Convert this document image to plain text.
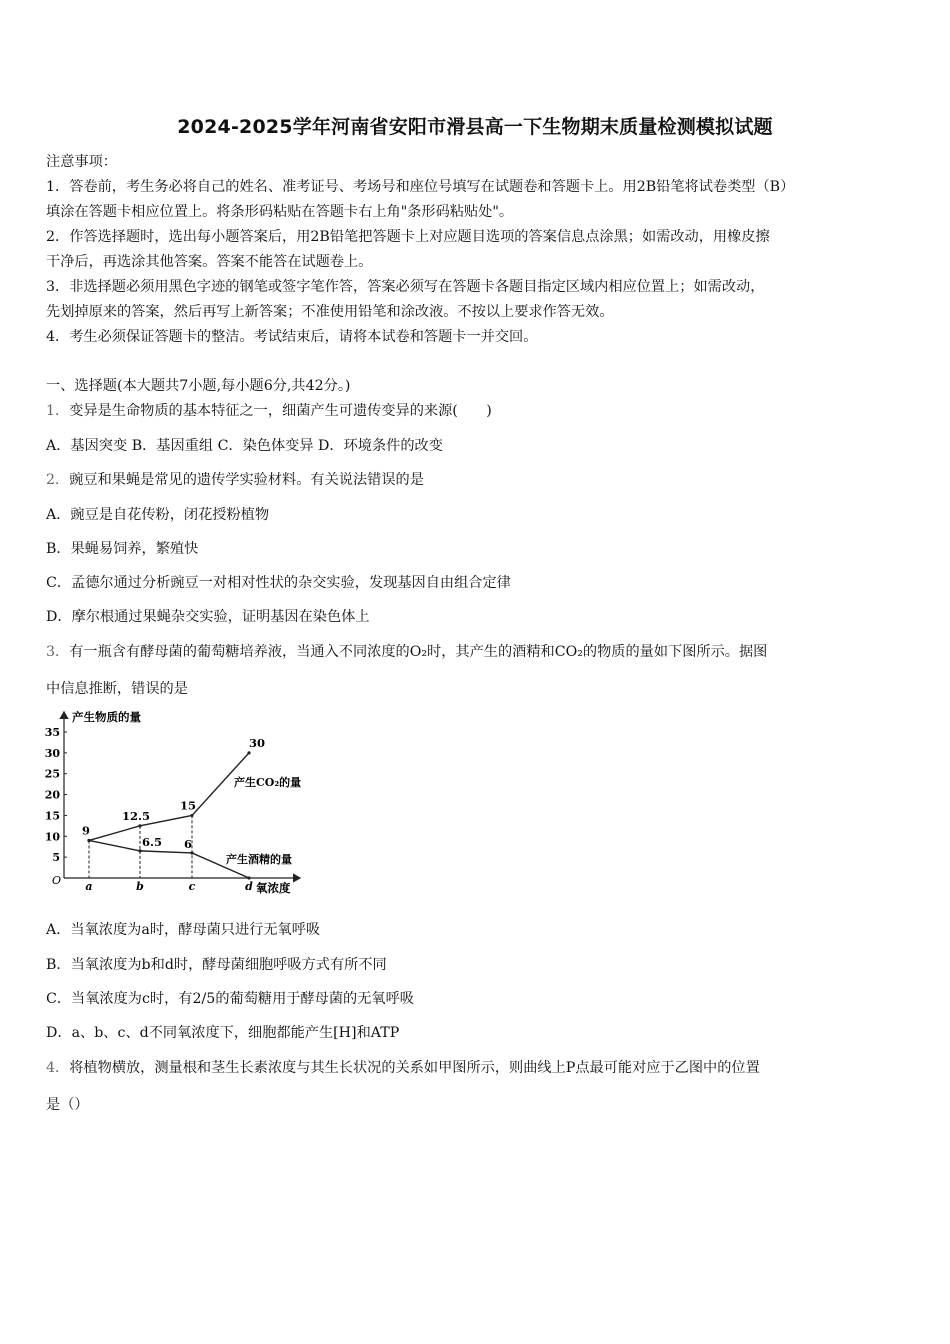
2024-2025学年河南省安阳市滑县高一下生物期末质量检测模拟试题
注意事项：
1．答卷前，考生务必将自己的姓名、准考证号、考场号和座位号填写在试题卷和答题卡上。用2B铅笔将试卷类型（B）
填涂在答题卡相应位置上。将条形码粘贴在答题卡右上角"条形码粘贴处"。
2．作答选择题时，选出每小题答案后，用2B铅笔把答题卡上对应题目选项的答案信息点涂黑；如需改动，用橡皮擦
干净后，再选涂其他答案。答案不能答在试题卷上。
3．非选择题必须用黑色字迹的钢笔或签字笔作答，答案必须写在答题卡各题目指定区域内相应位置上；如需改动，
先划掉原来的答案，然后再写上新答案；不准使用铅笔和涂改液。不按以上要求作答无效。
4．考生必须保证答题卡的整洁。考试结束后，请将本试卷和答题卡一并交回。
一、选择题(本大题共7小题,每小题6分,共42分。)
1．变异是生命物质的基本特征之一，细菌产生可遗传变异的来源(　　)
A．基因突变 B．基因重组 C．染色体变异 D．环境条件的改变
2．豌豆和果蝇是常见的遗传学实验材料。有关说法错误的是
A．豌豆是自花传粉，闭花授粉植物
B．果蝇易饲养，繁殖快
C．孟德尔通过分析豌豆一对相对性状的杂交实验，发现基因自由组合定律
D．摩尔根通过果蝇杂交实验，证明基因在染色体上
3．有一瓶含有酵母菌的葡萄糖培养液，当通入不同浓度的O₂时，其产生的酒精和CO₂的物质的量如下图所示。据图
中信息推断，错误的是
产生物质的量
氧浓度
O
35
30
25
20
15
10
5
a	b	c	d
9
12.5
15
30
6.5 6
产生CO₂的量
产生酒精的量
A．当氧浓度为a时，酵母菌只进行无氧呼吸
B．当氧浓度为b和d时，酵母菌细胞呼吸方式有所不同
C．当氧浓度为c时，有2/5的葡萄糖用于酵母菌的无氧呼吸
D．a、b、c、d不同氧浓度下，细胞都能产生[H]和ATP
4．将植物横放，测量根和茎生长素浓度与其生长状况的关系如甲图所示，则曲线上P点最可能对应于乙图中的位置
是（）
